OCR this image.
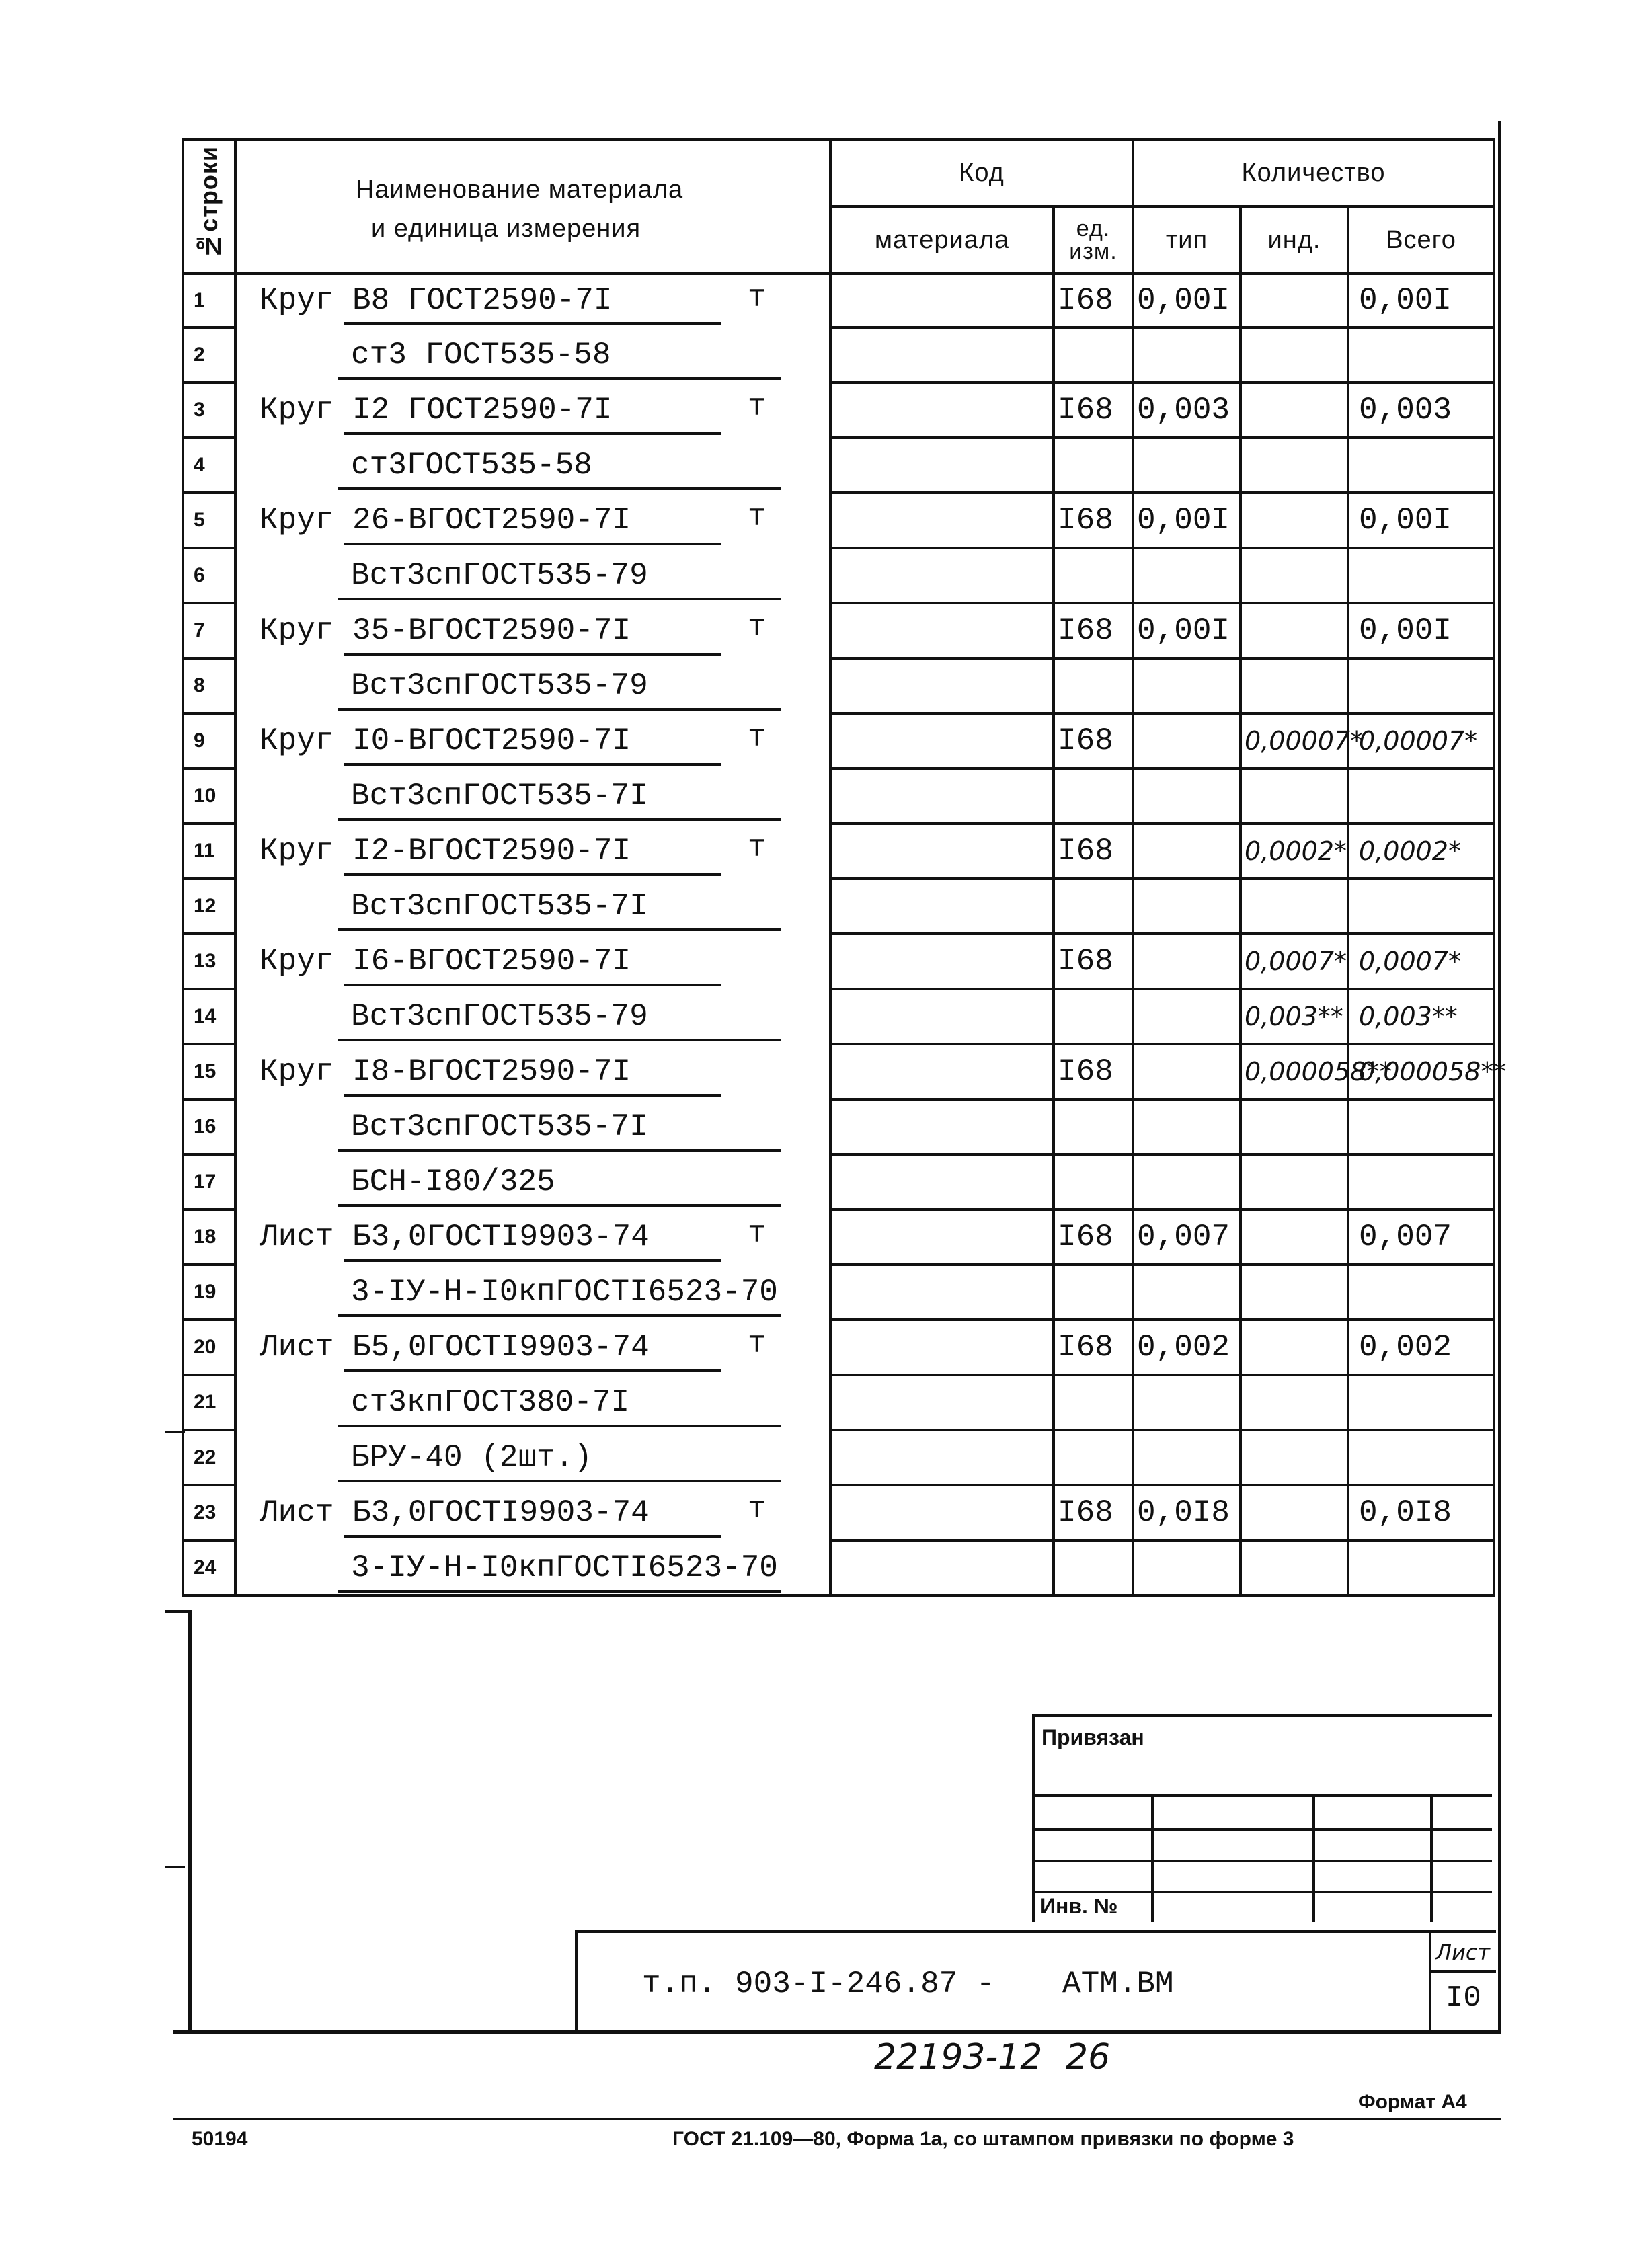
№строки	Наименование материала
и единица измерения	Код		Количество		
		материала	ед. изм.	тип	инд.	Всего
1	Круг B8 ГОСТ2590-7I т		I68	0,00I		0,00I
2	ст3 ГОСТ535-58

3	Круг I2 ГОСТ2590-7I т		I68	0,003		0,003
4	ст3ГОСТ535-58

5	Круг 26-ВГОСТ2590-7I т		I68	0,00I		0,00I
6	Вст3спГОСТ535-79

7	Круг 35-ВГОСТ2590-7I т		I68	0,00I		0,00I
8	Вст3спГОСТ535-79

9	Круг I0-ВГОСТ2590-7I т		I68		0,00007*	0,00007*
10	Вст3спГОСТ535-7I

11	Круг I2-ВГОСТ2590-7I т		I68		0,0002*	0,0002*
12	Вст3спГОСТ535-7I

13	Круг I6-ВГОСТ2590-7I		I68		0,0007*	0,0007*
14	Вст3спГОСТ535-79				0,003**	0,003**
15	Круг I8-ВГОСТ2590-7I		I68		0,000058**	0,000058**
16	Вст3спГОСТ535-7I

17	БСН-I80/325

18	Лист Б3,0ГОСТI9903-74 т		I68	0,007		0,007
19	3-IУ-Н-I0кпГОСТI6523-70

20	Лист Б5,0ГОСТI9903-74 т		I68	0,002		0,002
21	ст3кпГОСТ380-7I

22	БРУ-40 (2шт.)

23	Лист Б3,0ГОСТI9903-74 т		I68	0,0I8		0,0I8
24	3-IУ-Н-I0кпГОСТI6523-70

Привязан
Инв. №
т.п. 903-I-246.87 - АТМ.ВМ
Лист
I0
22193-12 26
Формат А4
50194	ГОСТ 21.109—80, Форма 1а, со штампом привязки по форме 3
